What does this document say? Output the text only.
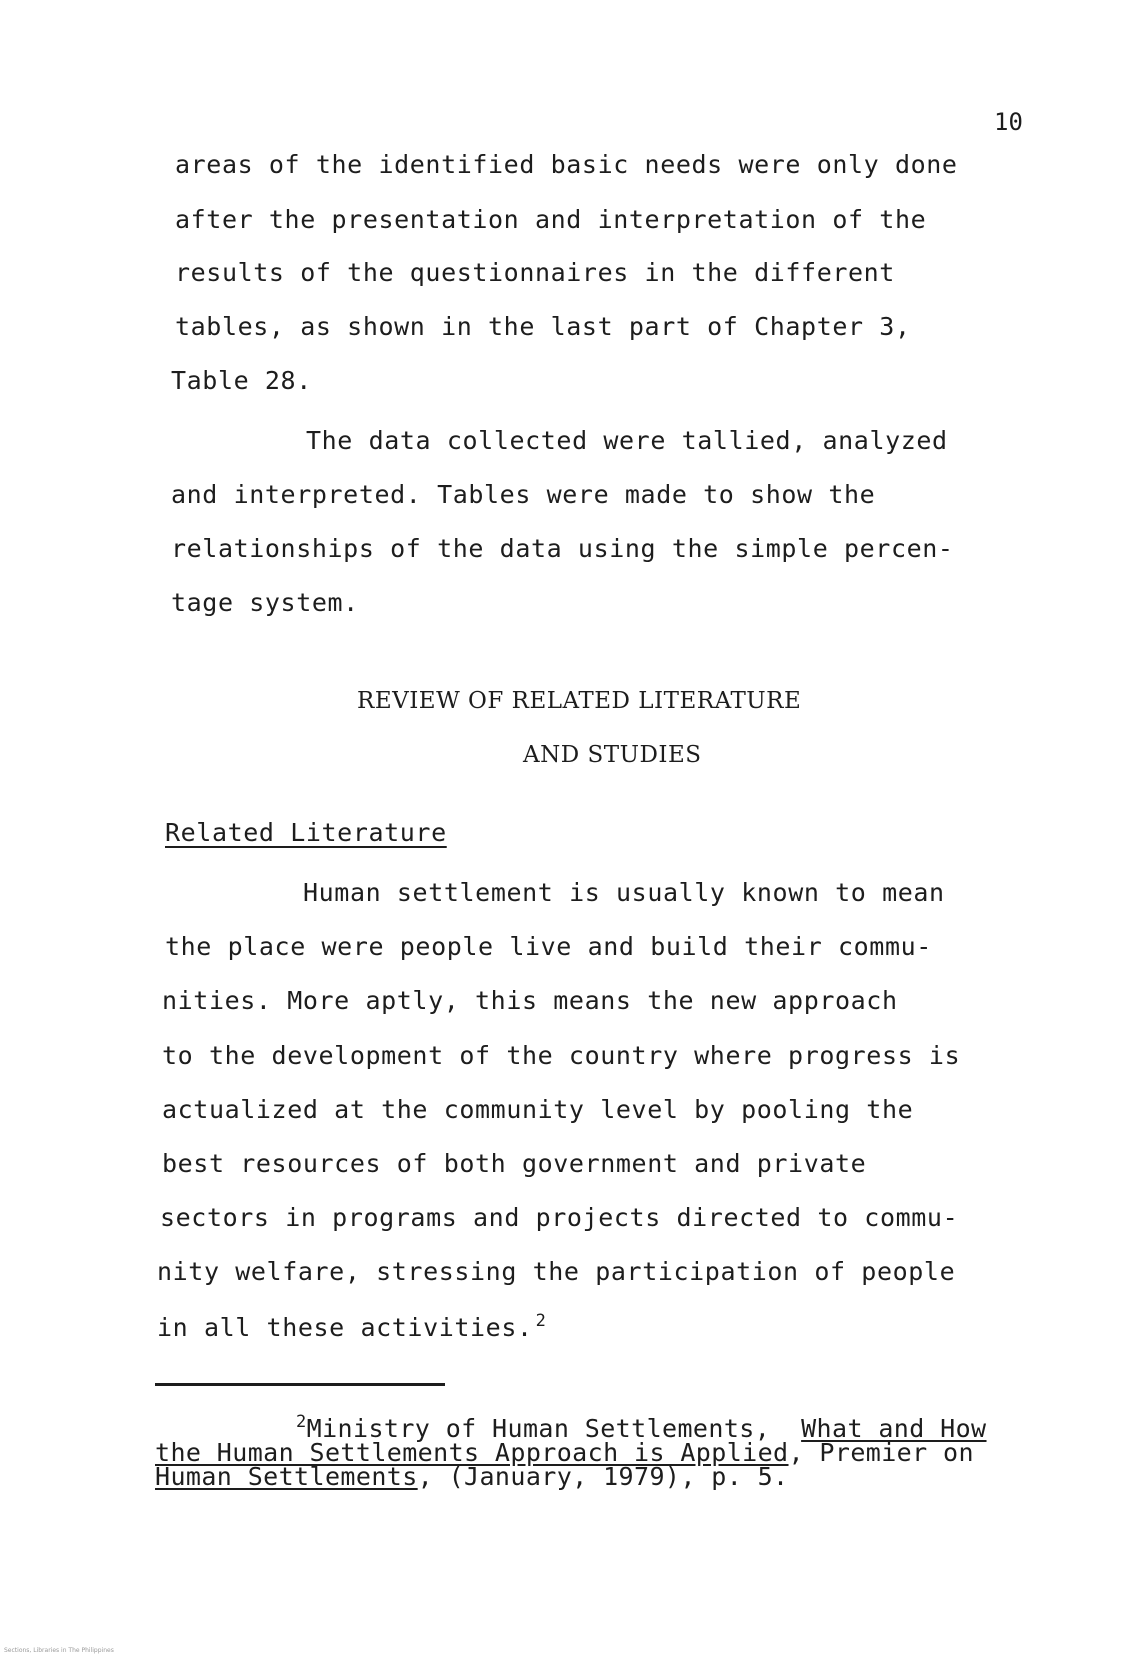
10
areas of the identified basic needs were only done
after the presentation and interpretation of the
results of the questionnaires in the different
tables, as shown in the last part of Chapter 3,
Table 28.
The data collected were tallied, analyzed
and interpreted. Tables were made to show the
relationships of the data using the simple percen-
tage system.
REVIEW OF RELATED LITERATURE
AND STUDIES
Related Literature
Human settlement is usually known to mean
the place were people live and build their commu-
nities. More aptly, this means the new approach
to the development of the country where progress is
actualized at the community level by pooling the
best resources of both government and private
sectors in programs and projects directed to commu-
nity welfare, stressing the participation of people
in all these activities. $^2$
$^2$Ministry of Human Settlements, What and How
the Human Settlements Approach is Applied, Premier on
Human Settlements, (January, 1979), p. 5.
Sections, Libraries in The Philippines
